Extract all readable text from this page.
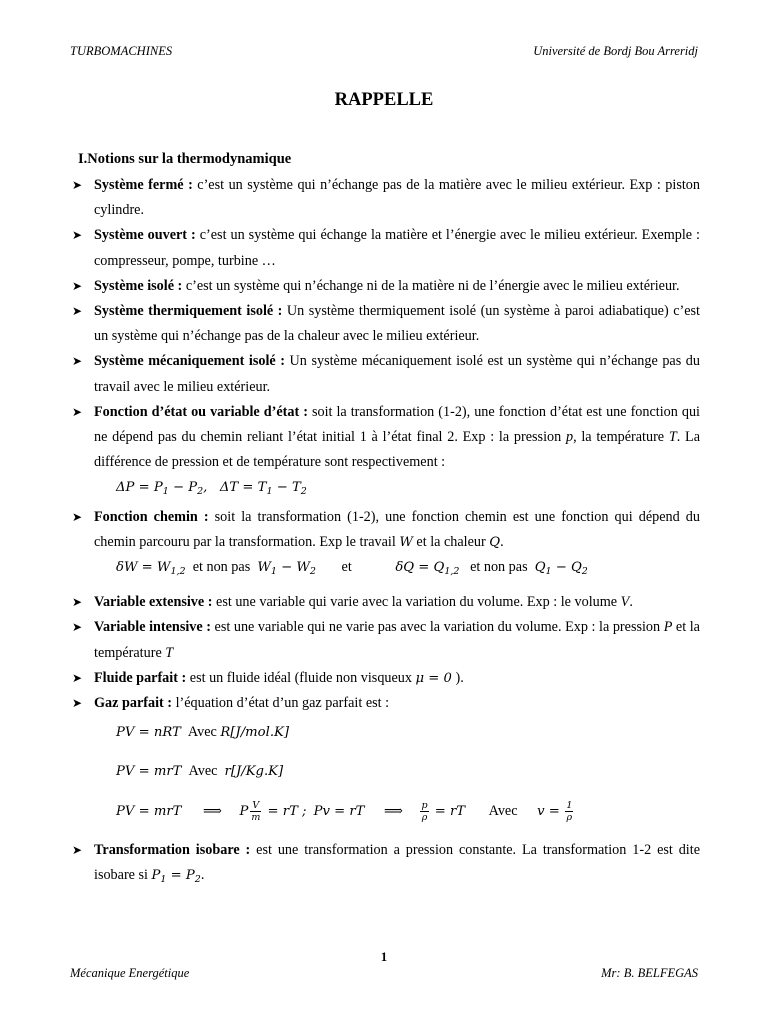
TURBOMACHINES	Université de Bordj Bou Arreridj
RAPPELLE
I.Notions sur la thermodynamique
➤ Système fermé : c’est un système qui n’échange pas de la matière avec le milieu extérieur. Exp : piston cylindre.
➤ Système ouvert : c’est un système qui échange la matière et l’énergie avec le milieu extérieur. Exemple : compresseur, pompe, turbine …
➤ Système isolé : c’est un système qui n’échange ni de la matière ni de l’énergie avec le milieu extérieur.
➤ Système thermiquement isolé : Un système thermiquement isolé (un système à paroi adiabatique) c’est un système qui n’échange pas de la chaleur avec le milieu extérieur.
➤ Système mécaniquement isolé : Un système mécaniquement isolé est un système qui n’échange pas du travail avec le milieu extérieur.
➤ Fonction d’état ou variable d’état : soit la transformation (1-2), une fonction d’état est une fonction qui ne dépend pas du chemin reliant l’état initial 1 à l’état final 2. Exp : la pression p, la température T. La différence de pression et de température sont respectivement :
$\Delta P = P_1 - P_2$,   $\Delta T = T_1 - T_2$
➤ Fonction chemin : soit la transformation (1-2), une fonction chemin est une fonction qui dépend du chemin parcouru par la transformation. Exp le travail W et la chaleur Q.
$\delta W = W_{1,2}$ et non pas $W_1 - W_2$ et	$\delta Q = Q_{1,2}$ et non pas $Q_1 - Q_2$
➤ Variable extensive : est une variable qui varie avec la variation du volume. Exp : le volume V.
➤ Variable intensive : est une variable qui ne varie pas avec la variation du volume. Exp : la pression P et la température T
➤ Fluide parfait : est un fluide idéal (fluide non visqueux μ = 0 ).
➤ Gaz parfait : l’équation d’état d’un gaz parfait est :
PV = nRT Avec R[J/mol.K]
PV = mrT Avec r[J/Kg.K]
PV = mrT ⟹ P $\frac{V}{m}$ = rT ; Pv = rT ⟹ $\frac{p}{\rho}$ = rT Avec $v = \frac{1}{\rho}$
➤ Transformation isobare : est une transformation a pression constante. La transformation 1-2 est dite isobare si $P_1 = P_2$.
1
Mécanique Energétique	Mr: B. BELFEGAS
